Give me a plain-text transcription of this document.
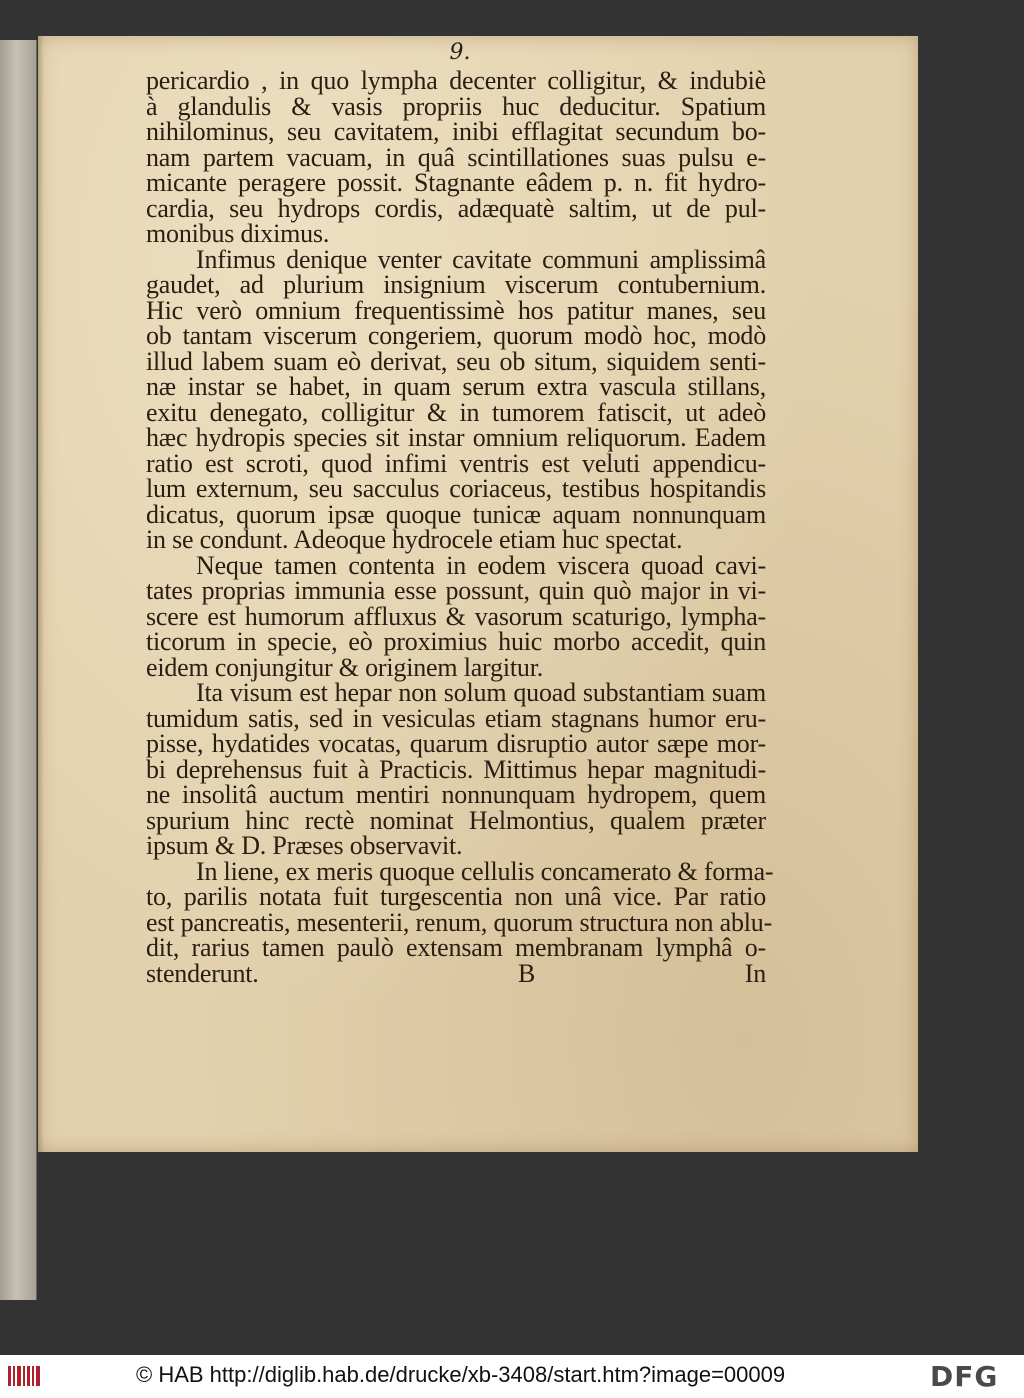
9.
pericardio , in quo lympha decenter colligitur, & indubiè
à glandulis & vasis propriis huc deducitur. Spatium
nihilominus, seu cavitatem, inibi efflagitat secundum bo-
nam partem vacuam, in quâ scintillationes suas pulsu e-
micante peragere possit. Stagnante eâdem p. n. fit hydro-
cardia, seu hydrops cordis, adæquatè saltim, ut de pul-
monibus diximus.
Infimus denique venter cavitate communi amplissimâ
gaudet, ad plurium insignium viscerum contubernium.
Hic verò omnium frequentissimè hos patitur manes, seu
ob tantam viscerum congeriem, quorum modò hoc, modò
illud labem suam eò derivat, seu ob situm, siquidem senti-
næ instar se habet, in quam serum extra vascula stillans,
exitu denegato, colligitur & in tumorem fatiscit, ut adeò
hæc hydropis species sit instar omnium reliquorum. Eadem
ratio est scroti, quod infimi ventris est veluti appendicu-
lum externum, seu sacculus coriaceus, testibus hospitandis
dicatus, quorum ipsæ quoque tunicæ aquam nonnunquam
in se condunt. Adeoque hydrocele etiam huc spectat.
Neque tamen contenta in eodem viscera quoad cavi-
tates proprias immunia esse possunt, quin quò major in vi-
scere est humorum affluxus & vasorum scaturigo, lympha-
ticorum in specie, eò proximius huic morbo accedit, quin
eidem conjungitur & originem largitur.
Ita visum est hepar non solum quoad substantiam suam
tumidum satis, sed in vesiculas etiam stagnans humor eru-
pisse, hydatides vocatas, quarum disruptio autor sæpe mor-
bi deprehensus fuit à Practicis. Mittimus hepar magnitudi-
ne insolitâ auctum mentiri nonnunquam hydropem, quem
spurium hinc rectè nominat Helmontius, qualem præter
ipsum & D. Præses observavit.
In liene, ex meris quoque cellulis concamerato & forma-
to, parilis notata fuit turgescentia non unâ vice. Par ratio
est pancreatis, mesenterii, renum, quorum structura non ablu-
dit, rarius tamen paulò extensam membranam lymphâ o-
stenderunt.	B	In
© HAB http://diglib.hab.de/drucke/xb-3408/start.htm?image=00009	DFG
